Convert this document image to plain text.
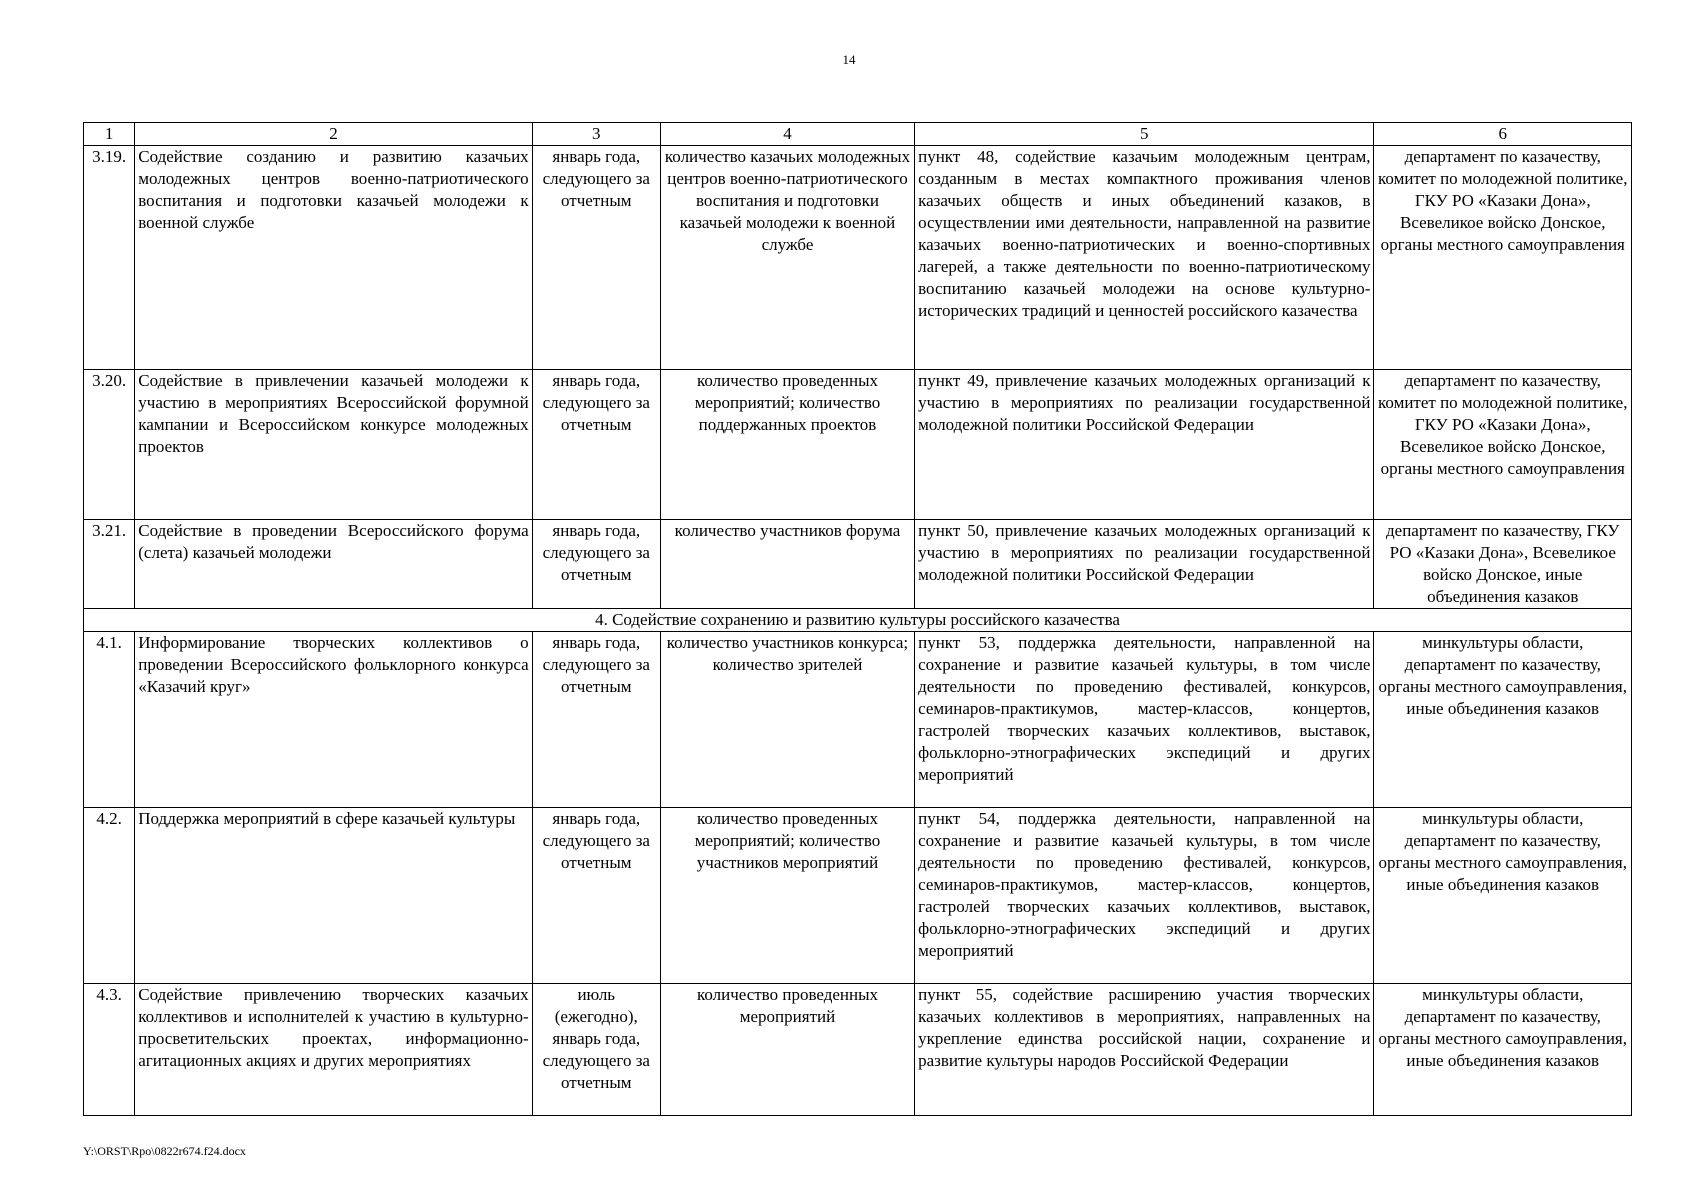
14
1	2	3	4	5	6
3.19.	Содействие созданию и развитию казачьих молодежных центров военно-патриотического воспитания и подготовки казачьей молодежи к военной службе	январь года, следующего за отчетным	количество казачьих молодежных центров военно-патриотического воспитания и подготовки казачьей молодежи к военной службе	пункт 48, содействие казачьим молодежным центрам, созданным в местах компактного проживания членов казачьих обществ и иных объединений казаков, в осуществлении ими деятельности, направленной на развитие казачьих военно-патриотических и военно-спортивных лагерей, а также деятельности по военно-патриотическому воспитанию казачьей молодежи на основе культурно-исторических традиций и ценностей российского казачества	департамент по казачеству, комитет по молодежной политике, ГКУ РО «Казаки Дона», Всевеликое войско Донское, органы местного самоуправления
3.20.	Содействие в привлечении казачьей молодежи к участию в мероприятиях Всероссийской форумной кампании и Всероссийском конкурсе молодежных проектов	январь года, следующего за отчетным	количество проведенных мероприятий; количество поддержанных проектов	пункт 49, привлечение казачьих молодежных организаций к участию в мероприятиях по реализации государственной молодежной политики Российской Федерации	департамент по казачеству, комитет по молодежной политике, ГКУ РО «Казаки Дона», Всевеликое войско Донское, органы местного самоуправления
3.21.	Содействие в проведении Всероссийского форума (слета) казачьей молодежи	январь года, следующего за отчетным	количество участников форума	пункт 50, привлечение казачьих молодежных организаций к участию в мероприятиях по реализации государственной молодежной политики Российской Федерации	департамент по казачеству, ГКУ РО «Казаки Дона», Всевеликое войско Донское, иные объединения казаков
4. Содействие сохранению и развитию культуры российского казачества					
4.1.	Информирование творческих коллективов о проведении Всероссийского фольклорного конкурса «Казачий круг»	январь года, следующего за отчетным	количество участников конкурса; количество зрителей	пункт 53, поддержка деятельности, направленной на сохранение и развитие казачьей культуры, в том числе деятельности по проведению фестивалей, конкурсов, семинаров-практикумов, мастер-классов, концертов, гастролей творческих казачьих коллективов, выставок, фольклорно-этнографических экспедиций и других мероприятий	минкультуры области, департамент по казачеству, органы местного самоуправления, иные объединения казаков
4.2.	Поддержка мероприятий в сфере казачьей культуры	январь года, следующего за отчетным	количество проведенных мероприятий; количество участников мероприятий	пункт 54, поддержка деятельности, направленной на сохранение и развитие казачьей культуры, в том числе деятельности по проведению фестивалей, конкурсов, семинаров-практикумов, мастер-классов, концертов, гастролей творческих казачьих коллективов, выставок, фольклорно-этнографических экспедиций и других мероприятий	минкультуры области, департамент по казачеству, органы местного самоуправления, иные объединения казаков
4.3.	Содействие привлечению творческих казачьих коллективов и исполнителей к участию в культурно-просветительских проектах, информационно-агитационных акциях и других мероприятиях	июль (ежегодно), январь года, следующего за отчетным	количество проведенных мероприятий	пункт 55, содействие расширению участия творческих казачьих коллективов в мероприятиях, направленных на укрепление единства российской нации, сохранение и развитие культуры народов Российской Федерации	минкультуры области, департамент по казачеству, органы местного самоуправления, иные объединения казаков
Y:\ORST\Rpo\0822r674.f24.docx
